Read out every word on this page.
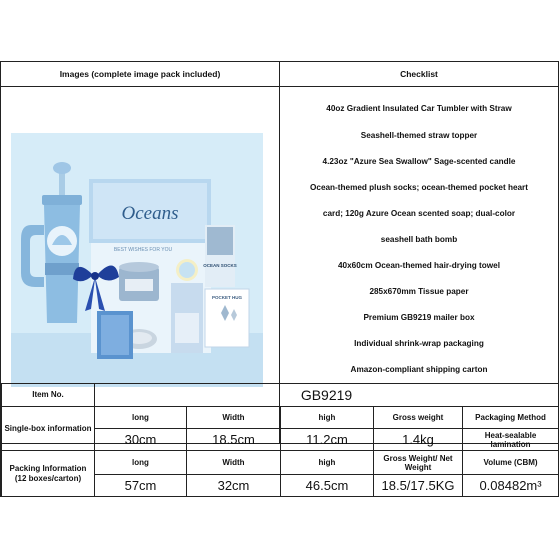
Images (complete image pack included)	Checklist
Oceans
BEST WISHES FOR YOU
OCEAN SOCKS
POCKET HUG
40oz Gradient Insulated Car Tumbler with Straw
Seashell-themed straw topper
4.23oz "Azure Sea Swallow" Sage-scented candle
Ocean-themed plush socks; ocean-themed pocket heart
card; 120g Azure Ocean scented soap; dual-color
seashell bath bomb
40x60cm Ocean-themed hair-drying towel
285x670mm Tissue paper
Premium GB9219 mailer box
Individual shrink-wrap packaging
Amazon-compliant shipping carton
Item No.	GB9219				
Single-box information	long	Width	high	Gross weight	Packaging Method
	30cm	18.5cm	11.2cm	1.4kg	Heat-sealable lamination
Packing Information (12 boxes/carton)	long	Width	high	Gross Weight/ Net Weight	Volume (CBM)
	57cm	32cm	46.5cm	18.5/17.5KG	0.08482m³
